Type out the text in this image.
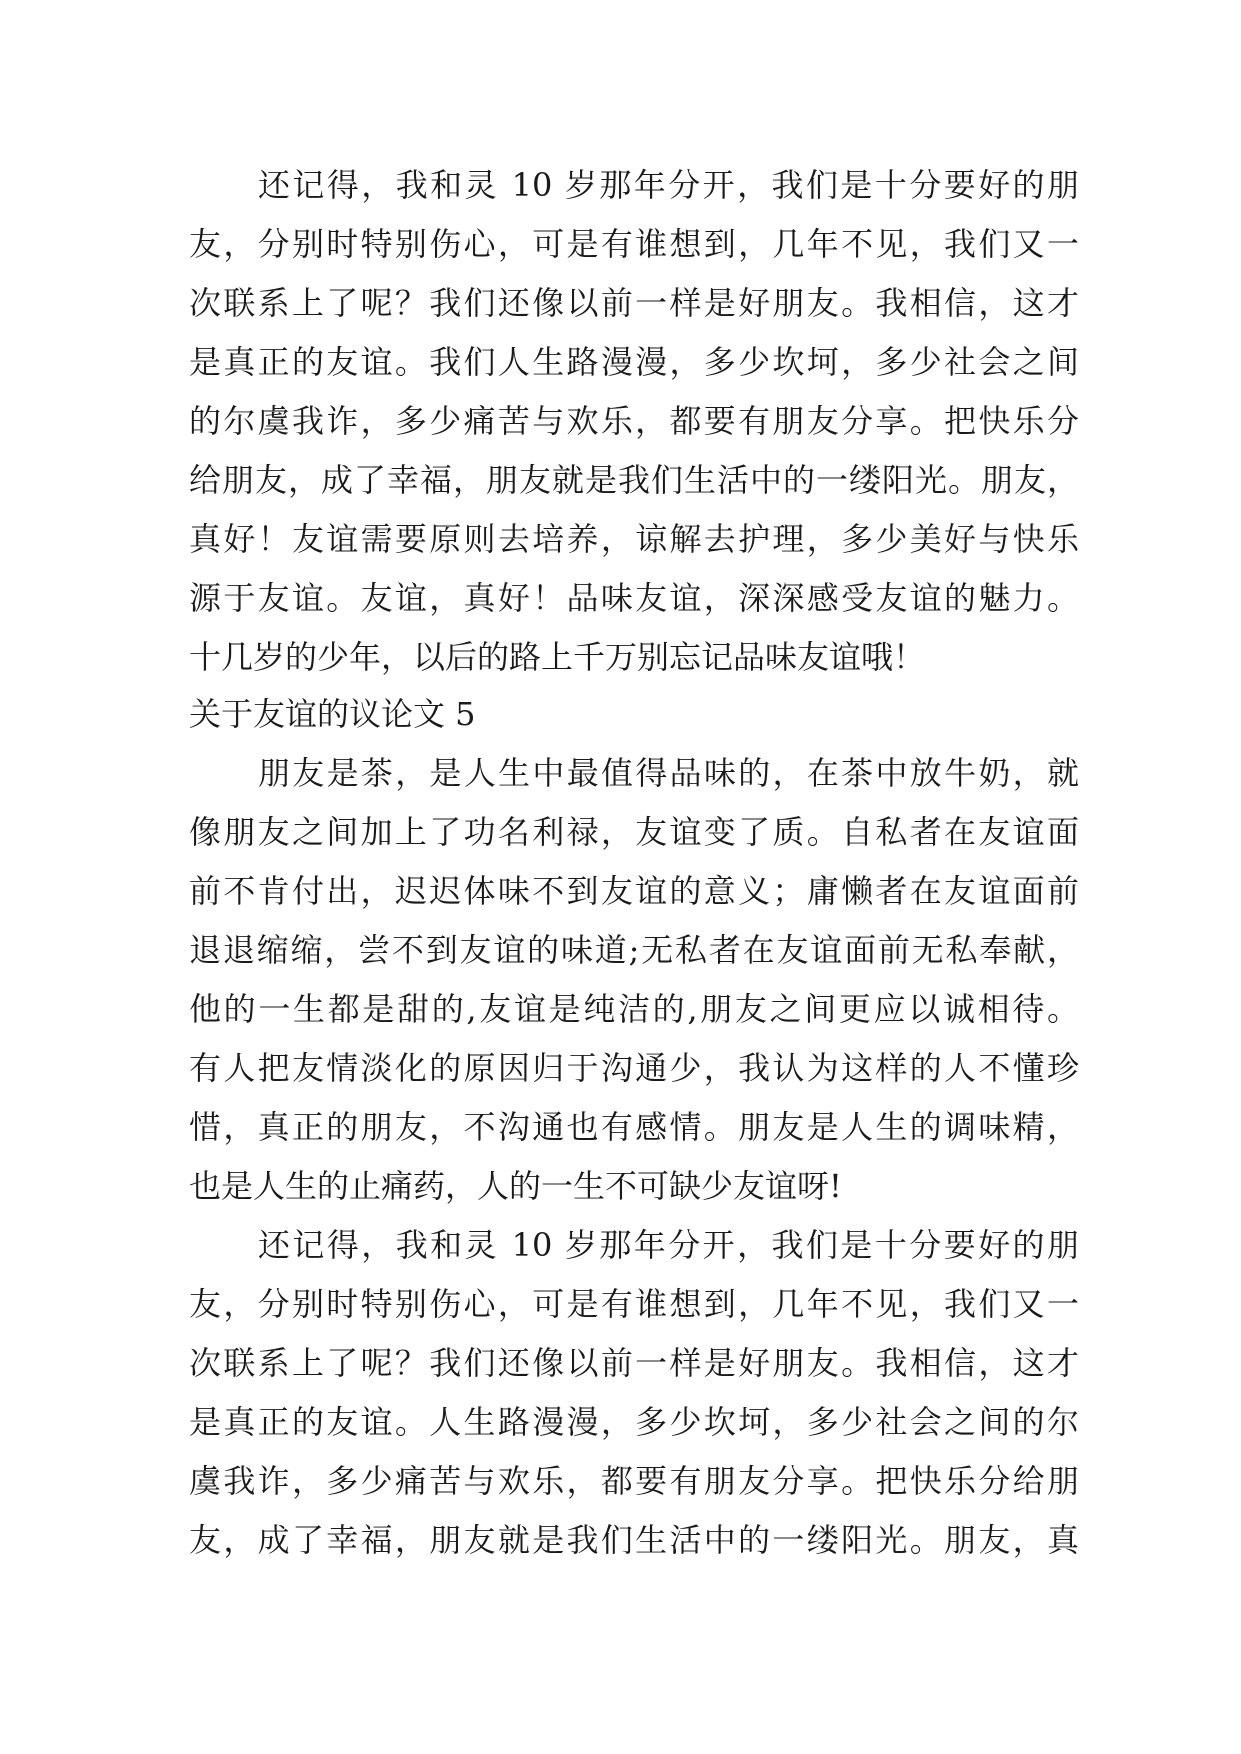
还记得，我和灵 10 岁那年分开，我们是十分要好的朋
友，分别时特别伤心，可是有谁想到，几年不见，我们又一
次联系上了呢？我们还像以前一样是好朋友。我相信，这才
是真正的友谊。我们人生路漫漫，多少坎坷，多少社会之间
的尔虞我诈，多少痛苦与欢乐，都要有朋友分享。把快乐分
给朋友，成了幸福，朋友就是我们生活中的一缕阳光。朋友，
真好！友谊需要原则去培养，谅解去护理，多少美好与快乐
源于友谊。友谊，真好！品味友谊，深深感受友谊的魅力。
十几岁的少年，以后的路上千万别忘记品味友谊哦！
关于友谊的议论文 5
朋友是茶，是人生中最值得品味的，在茶中放牛奶，就
像朋友之间加上了功名利禄，友谊变了质。自私者在友谊面
前不肯付出，迟迟体味不到友谊的意义；庸懒者在友谊面前
退退缩缩，尝不到友谊的味道;无私者在友谊面前无私奉献，
他的一生都是甜的,友谊是纯洁的,朋友之间更应以诚相待。
有人把友情淡化的原因归于沟通少，我认为这样的人不懂珍
惜，真正的朋友，不沟通也有感情。朋友是人生的调味精，
也是人生的止痛药，人的一生不可缺少友谊呀!
还记得，我和灵 10 岁那年分开，我们是十分要好的朋
友，分别时特别伤心，可是有谁想到，几年不见，我们又一
次联系上了呢？我们还像以前一样是好朋友。我相信，这才
是真正的友谊。人生路漫漫，多少坎坷，多少社会之间的尔
虞我诈，多少痛苦与欢乐，都要有朋友分享。把快乐分给朋
友，成了幸福，朋友就是我们生活中的一缕阳光。朋友，真
